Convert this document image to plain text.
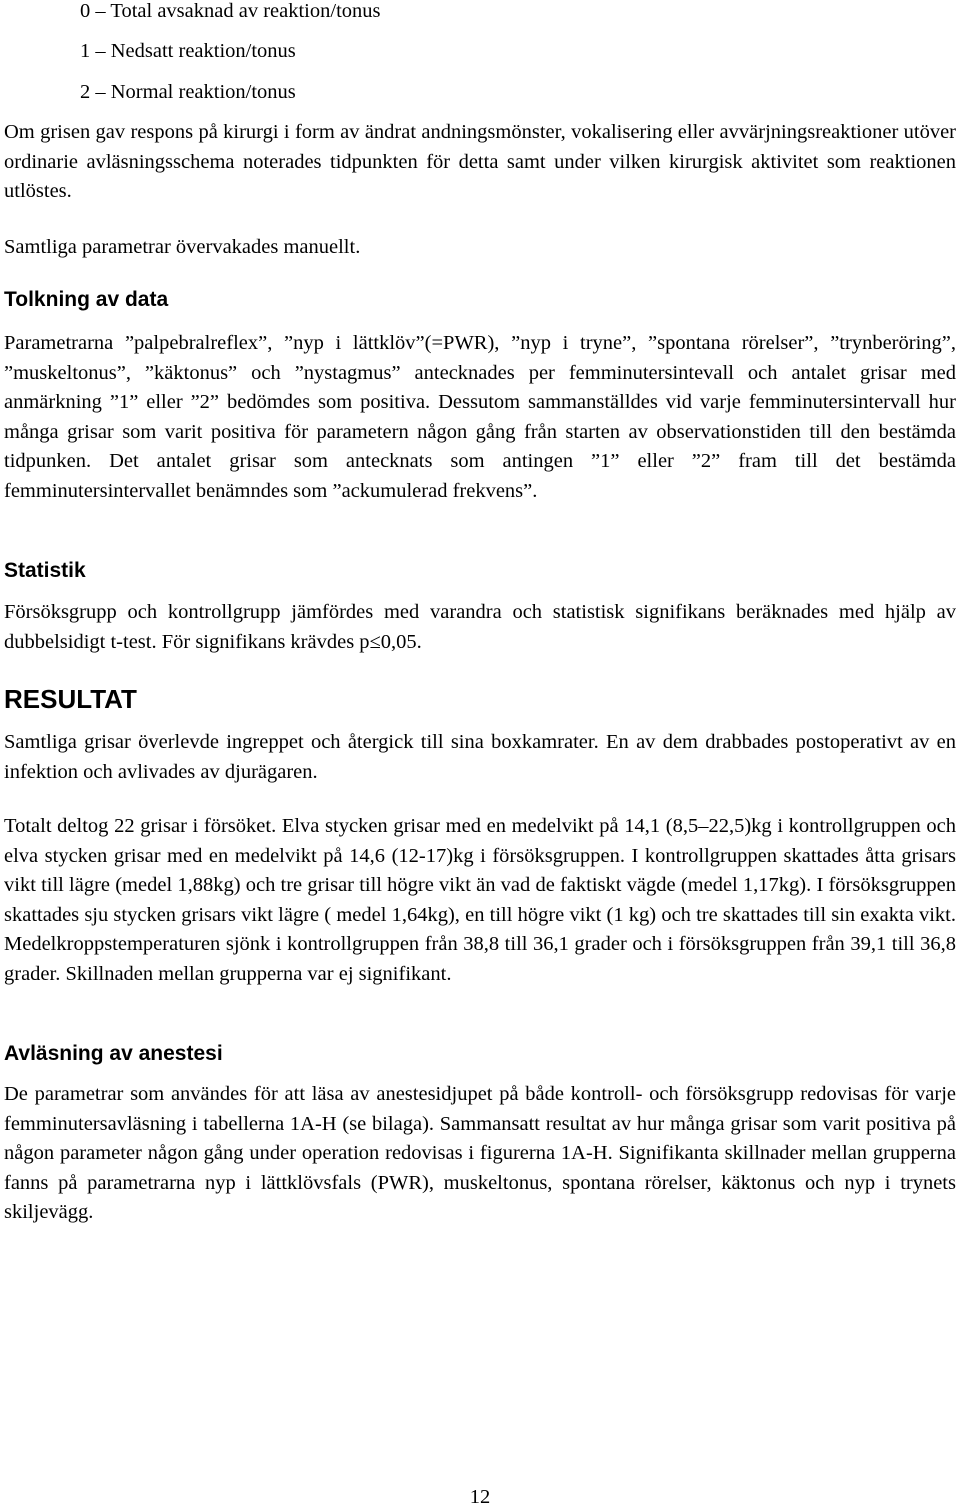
0 – Total avsaknad av reaktion/tonus
1 – Nedsatt reaktion/tonus
2 – Normal reaktion/tonus

Om grisen gav respons på kirurgi i form av ändrat andningsmönster, vokalisering eller avvärjningsreaktioner utöver ordinarie avläsningsschema noterades tidpunkten för detta samt under vilken kirurgisk aktivitet som reaktionen utlöstes.

Samtliga parametrar övervakades manuellt.

Tolkning av data

Parametrarna ”palpebralreflex”, ”nyp i lättklöv”(=PWR), ”nyp i tryne”, ”spontana rörelser”, ”trynberöring”, ”muskeltonus”, ”käktonus” och ”nystagmus” antecknades per femminutersintevall och antalet grisar med anmärkning ”1” eller ”2” bedömdes som positiva. Dessutom sammanställdes vid varje femminutersintervall hur många grisar som varit positiva för parametern någon gång från starten av observationstiden till den bestämda tidpunken. Det antalet grisar som antecknats som antingen ”1” eller ”2” fram till det bestämda femminutersintervallet benämndes som ”ackumulerad frekvens”.

Statistik

Försöksgrupp och kontrollgrupp jämfördes med varandra och statistisk signifikans beräknades med hjälp av dubbelsidigt t-test. För signifikans krävdes p≤0,05.

RESULTAT

Samtliga grisar överlevde ingreppet och återgick till sina boxkamrater. En av dem drabbades postoperativt av en infektion och avlivades av djurägaren.

Totalt deltog 22 grisar i försöket. Elva stycken grisar med en medelvikt på 14,1 (8,5–22,5)kg i kontrollgruppen och elva stycken grisar med en medelvikt på 14,6 (12-17)kg i försöksgruppen. I kontrollgruppen skattades åtta grisars vikt till lägre (medel 1,88kg) och tre grisar till högre vikt än vad de faktiskt vägde (medel 1,17kg). I försöksgruppen skattades sju stycken grisars vikt lägre ( medel 1,64kg), en till högre vikt (1 kg) och tre skattades till sin exakta vikt. Medelkroppstemperaturen sjönk i kontrollgruppen från 38,8 till 36,1 grader och i försöksgruppen från 39,1 till 36,8 grader. Skillnaden mellan grupperna var ej signifikant.

Avläsning av anestesi

De parametrar som användes för att läsa av anestesidjupet på både kontroll- och försöksgrupp redovisas för varje femminutersavläsning i tabellerna 1A-H (se bilaga). Sammansatt resultat av hur många grisar som varit positiva på någon parameter någon gång under operation redovisas i figurerna 1A-H. Signifikanta skillnader mellan grupperna fanns på parametrarna nyp i lättklövsfals (PWR), muskeltonus, spontana rörelser, käktonus och nyp i trynets skiljevägg.

12
